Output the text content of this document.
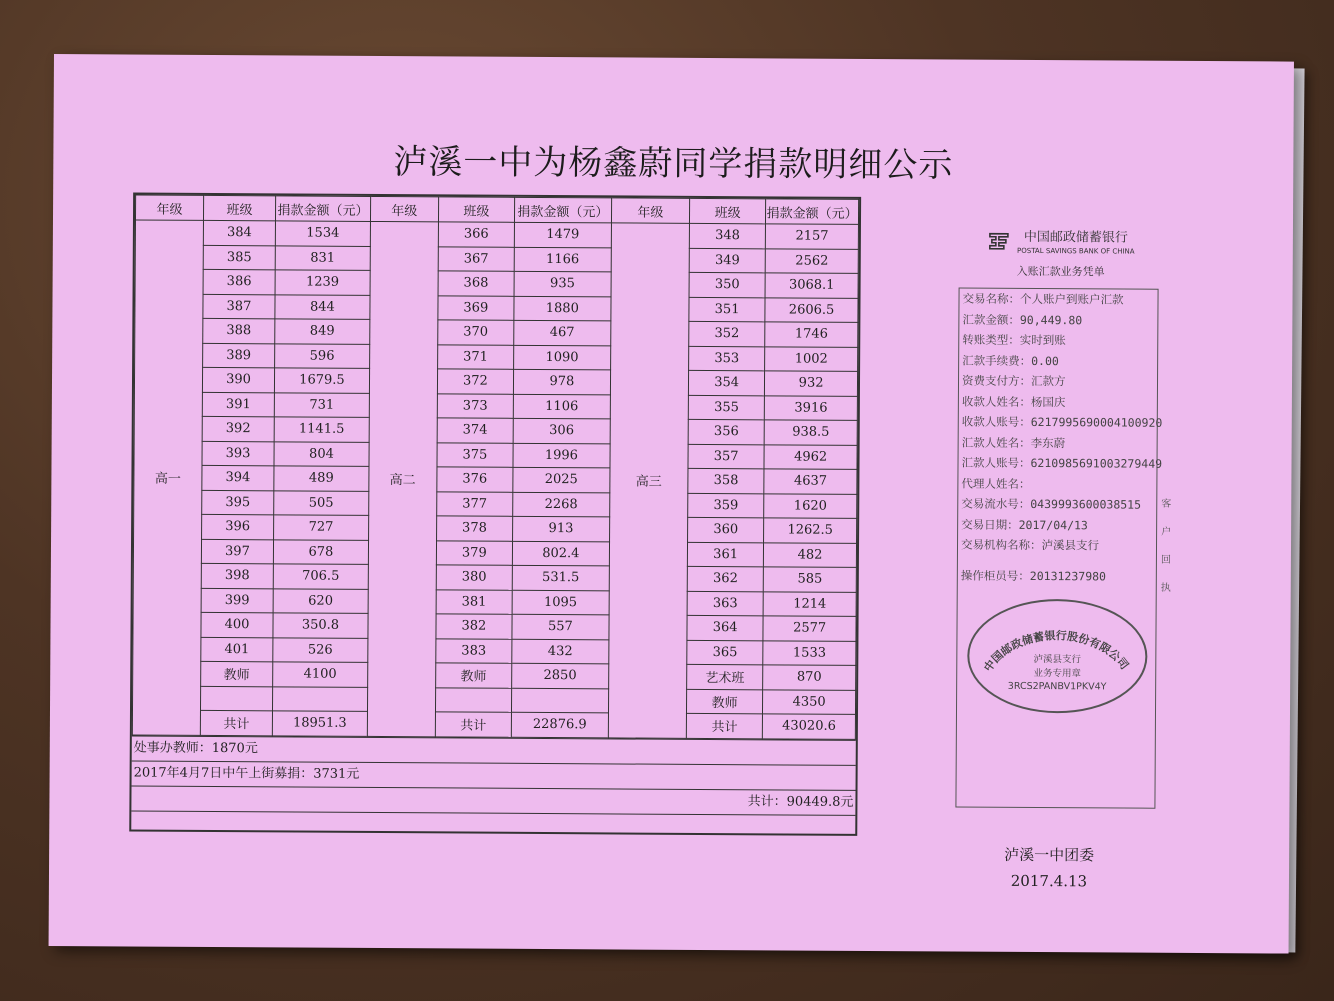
泸溪一中为杨鑫蔚同学捐款明细公示
年级	班级	捐款金额（元）	年级	班级	捐款金额（元）	年级	班级	捐款金额（元）
高一	384	1534	高二	366	1479	高三	348	2157
	385	831		367	1166		349	2562
	386	1239		368	935		350	3068.1
	387	844		369	1880		351	2606.5
	388	849		370	467		352	1746
	389	596		371	1090		353	1002
	390	1679.5		372	978		354	932
	391	731		373	1106		355	3916
	392	1141.5		374	306		356	938.5
	393	804		375	1996		357	4962
	394	489		376	2025		358	4637
	395	505		377	2268		359	1620
	396	727		378	913		360	1262.5
	397	678		379	802.4		361	482
	398	706.5		380	531.5		362	585
	399	620		381	1095		363	1214
	400	350.8		382	557		364	2577
	401	526		383	432		365	1533
	教师	4100		教师	2850		艺术班	870
							教师	4350
	共计	18951.3		共计	22876.9		共计	43020.6
处事办教师：1870元
2017年4月7日中午上街募捐：3731元
共计：90449.8元
中国邮政储蓄银行
POSTAL SAVINGS BANK OF CHINA
入账汇款业务凭单
交易名称：个人账户到账户汇款
汇款金额：90,449.80
转账类型：实时到账
汇款手续费：0.00
资费支付方：汇款方
收款人姓名：杨国庆
收款人账号：6217995690004100920
汇款人姓名：李东蔚
汇款人账号：6210985691003279449
代理人姓名：
交易流水号：0439993600038515
交易日期：2017/04/13
交易机构名称：泸溪县支行
操作柜员号：20131237980
中国邮政储蓄银行股份有限公司
泸溪县支行
业务专用章
3RCS2PANBV1PKV4Y
客户回执
泸溪一中团委
2017.4.13
